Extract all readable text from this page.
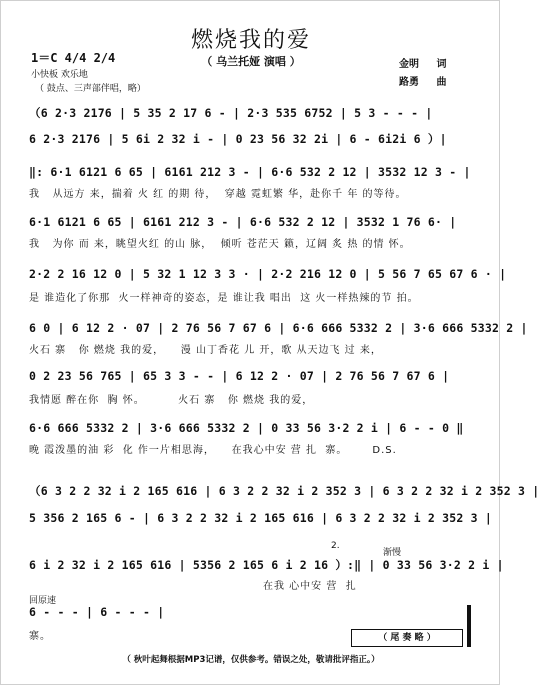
燃烧我的爱
（ 乌兰托娅 演唱 ）
1＝C 4/4 2/4
小快板 欢乐地
（ 鼓点、三声部伴唱，略）
金明 词
路勇 曲
（6 2·3 2176 | 5 35 2 17 6 - | 2·3 535 6752 | 5 3 - - - |
6 2·3 2176 | 5 6i 2 32 i - | 0 23 56 32 2i | 6 - 6i2i 6 ）|
‖: 6·1 6121 6 65 | 6161 212 3 - | 6·6 532 2 12 | 3532 12 3 - |
我   从远方 来，揣着 火 红 的期 待，  穿越 霓虹繁 华，赴你千 年 的等待。
6·1 6121 6 65 | 6161 212 3 - | 6·6 532 2 12 | 3532 1 76 6· |
我   为你 而 来，眺望火红 的山 脉，  倾听 苍茫天 籁，辽阔 炙 热 的情 怀。
2·2 2 16 12 0 | 5 32 1 12 3 3 · | 2·2 216 12 0 | 5 56 7 65 67 6 · |
是 谁造化了你那  火一样神奇的姿态，是 谁让我 唱出  这 火一样热辣的节 拍。
6 0 | 6 12 2 · 07 | 2 76 56 7 67 6 | 6·6 666 5332 2 | 3·6 666 5332 2 |
火石 寨   你 燃烧 我的爱，    漫 山丁香花 儿 开，歌 从天边飞 过 来，
0 2 23 56 765 | 65 3 3 - - | 6 12 2 · 07 | 2 76 56 7 67 6 |
我情愿 醉在你  胸 怀。        火石 寨   你 燃烧 我的爱，
6·6 666 5332 2 | 3·6 666 5332 2 | 0 33 56 3·2 2 i | 6 - - 0 ‖
晚 霞泼墨的油 彩  化 作一片相思海，    在我心中安 营 扎  寨。      D.S.
（6 3 2 2 32 i 2 165 616 | 6 3 2 2 32 i 2 352 3 | 6 3 2 2 32 i 2 352 3 |
5 356 2 165 6 - | 6 3 2 2 32 i 2 165 616 | 6 3 2 2 32 i 2 352 3 |
6 i 2 32 i 2 165 616 | 5356 2 165 6 i 2 16 ）:‖ | 0 33 56 3·2 2 i |
在我 心中安 营  扎
渐慢
回原速
2.
6 - - - | 6 - - - |
寨。	（ 尾 奏 略 ）
（ 秋叶起舞根据MP3记谱，仅供参考。错误之处，敬请批评指正。）
